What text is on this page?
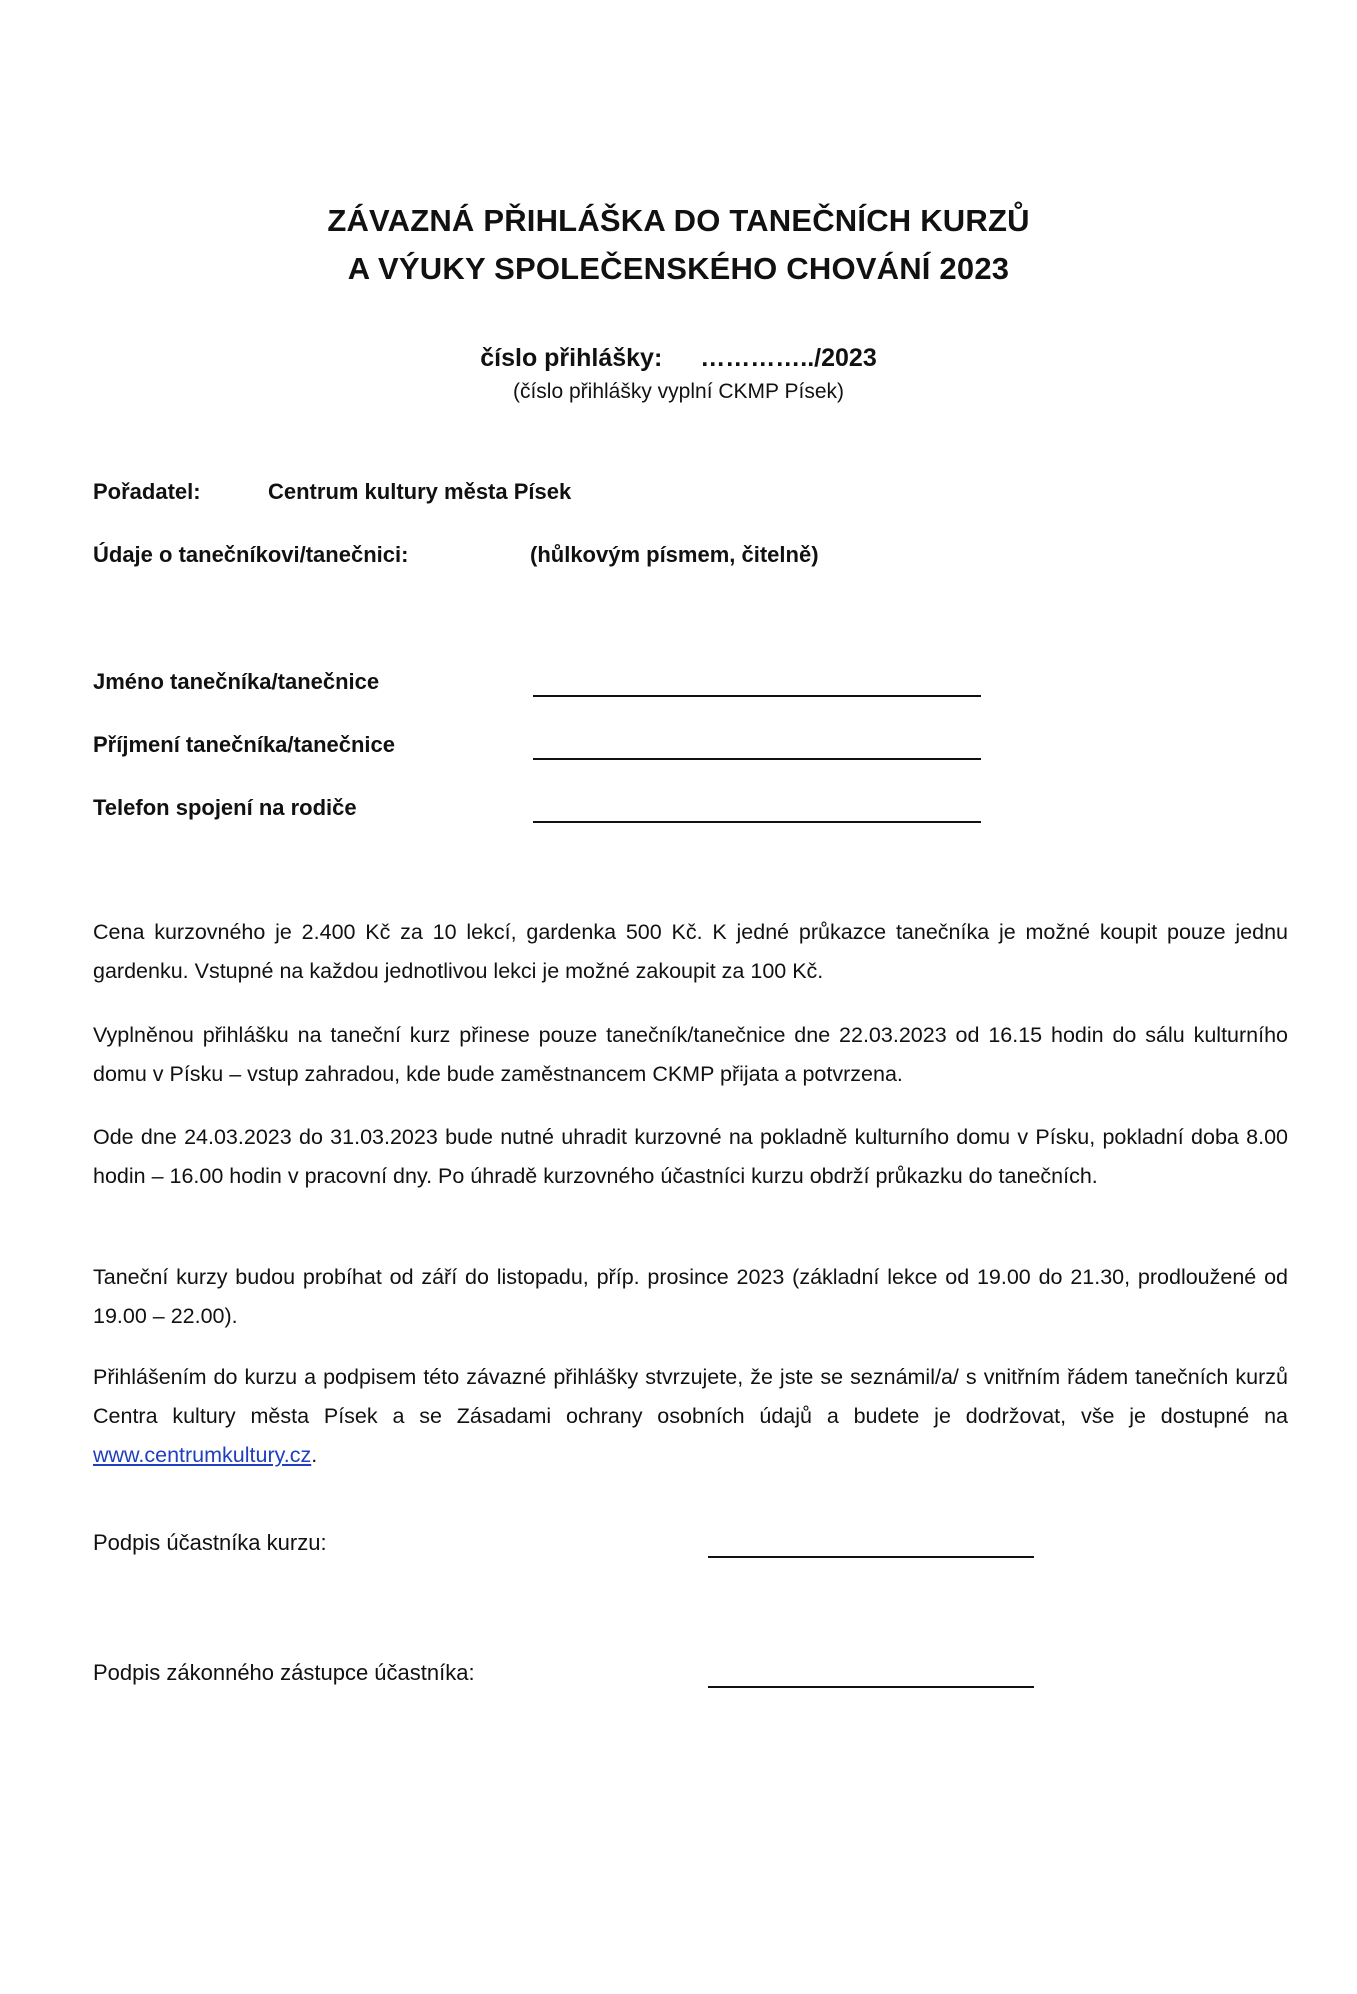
ZÁVAZNÁ PŘIHLÁŠKA DO TANEČNÍCH KURZŮ
A VÝUKY SPOLEČENSKÉHO CHOVÁNÍ 2023
číslo přihlášky: …………../2023
(číslo přihlášky vyplní CKMP Písek)
Pořadatel:	Centrum kultury města Písek
Údaje o tanečníkovi/tanečnici:	(hůlkovým písmem, čitelně)
Jméno tanečníka/tanečnice
Příjmení tanečníka/tanečnice
Telefon spojení na rodiče

Cena kurzovného je 2.400 Kč za 10 lekcí, gardenka 500 Kč. K jedné průkazce tanečníka je možné koupit pouze jednu gardenku. Vstupné na každou jednotlivou lekci je možné zakoupit za 100 Kč.

Vyplněnou přihlášku na taneční kurz přinese pouze tanečník/tanečnice dne 22.03.2023 od 16.15 hodin do sálu kulturního domu v Písku – vstup zahradou, kde bude zaměstnancem CKMP přijata a potvrzena.

Ode dne 24.03.2023 do 31.03.2023 bude nutné uhradit kurzovné na pokladně kulturního domu v Písku, pokladní doba 8.00 hodin – 16.00 hodin v pracovní dny. Po úhradě kurzovného účastníci kurzu obdrží průkazku do tanečních.

Taneční kurzy budou probíhat od září do listopadu, příp. prosince 2023 (základní lekce od 19.00 do 21.30, prodloužené od 19.00 – 22.00).

Přihlášením do kurzu a podpisem této závazné přihlášky stvrzujete, že jste se seznámil/a/ s vnitřním řádem tanečních kurzů Centra kultury města Písek a se Zásadami ochrany osobních údajů a budete je dodržovat, vše je dostupné na www.centrumkultury.cz.

Podpis účastníka kurzu:
Podpis zákonného zástupce účastníka:
